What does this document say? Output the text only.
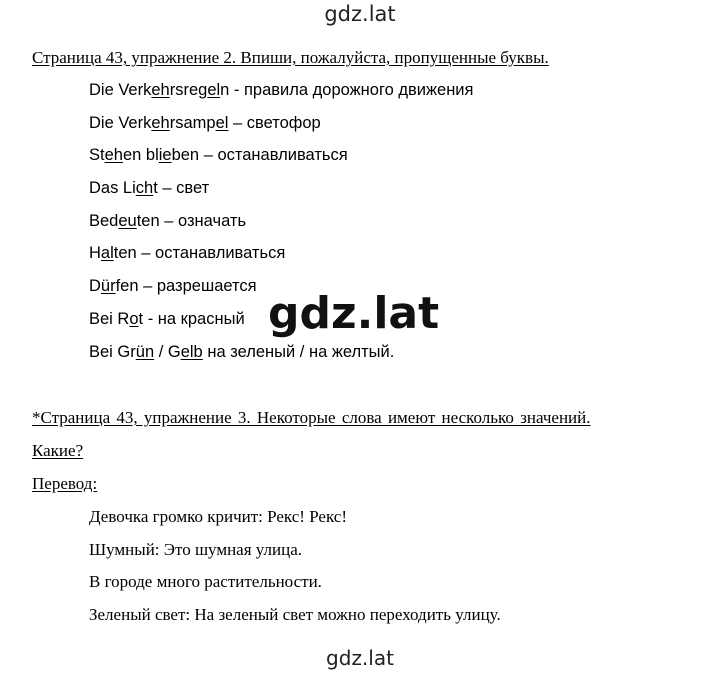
gdz.lat
Страница 43, упражнение 2. Впиши, пожалуйста, пропущенные буквы.
Die Verkehrsregeln - правила дорожного движения
Die Verkehrsampel – светофор
Stehen blieben – останавливаться
Das Licht – свет
Bedeuten – означать
Halten – останавливаться
Dürfen – разрешается
Bei Rot - на красный
Bei Grün / Gelb на зеленый / на желтый.
gdz.lat
*Страница 43, упражнение 3. Некоторые слова имеют несколько значений.
Какие?
Перевод:
Девочка громко кричит: Рекс! Рекс!
Шумный: Это шумная улица.
В городе много растительности.
Зеленый свет: На зеленый свет можно переходить улицу.
gdz.lat
